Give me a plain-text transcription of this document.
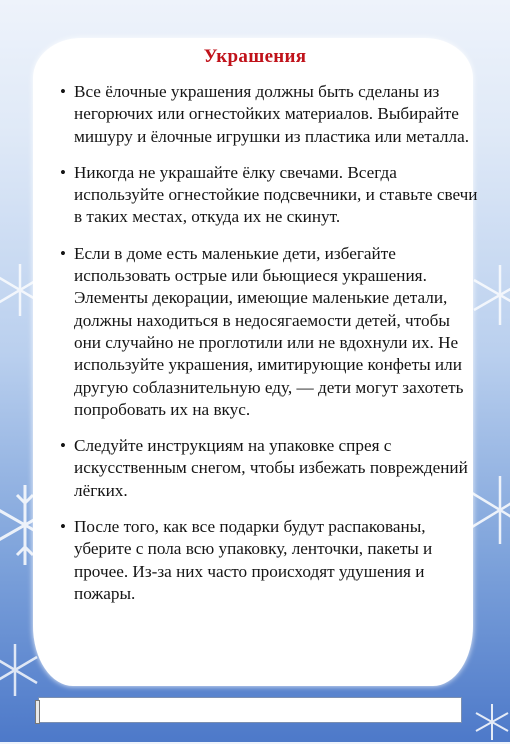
Украшения
• Все ёлочные украшения должны быть сделаны из негорючих или огнестойких материалов. Выбирайте мишуру и ёлочные игрушки из пластика или металла.
• Никогда не украшайте ёлку свечами. Всегда используйте огнестойкие подсвечники, и ставьте свечи в таких местах, откуда их не скинут.
• Если в доме есть маленькие дети, избегайте использовать острые или бьющиеся украшения. Элементы декорации, имеющие маленькие детали, должны находиться в недосягаемости детей, чтобы они случайно не проглотили или не вдохнули их. Не используйте украшения, имитирующие конфеты или другую соблазнительную еду, — дети могут захотеть попробовать их на вкус.
• Следуйте инструкциям на упаковке спрея с искусственным снегом, чтобы избежать повреждений лёгких.
• После того, как все подарки будут распакованы, уберите с пола всю упаковку, ленточки, пакеты и прочее. Из-за них часто происходят удушения и пожары.
